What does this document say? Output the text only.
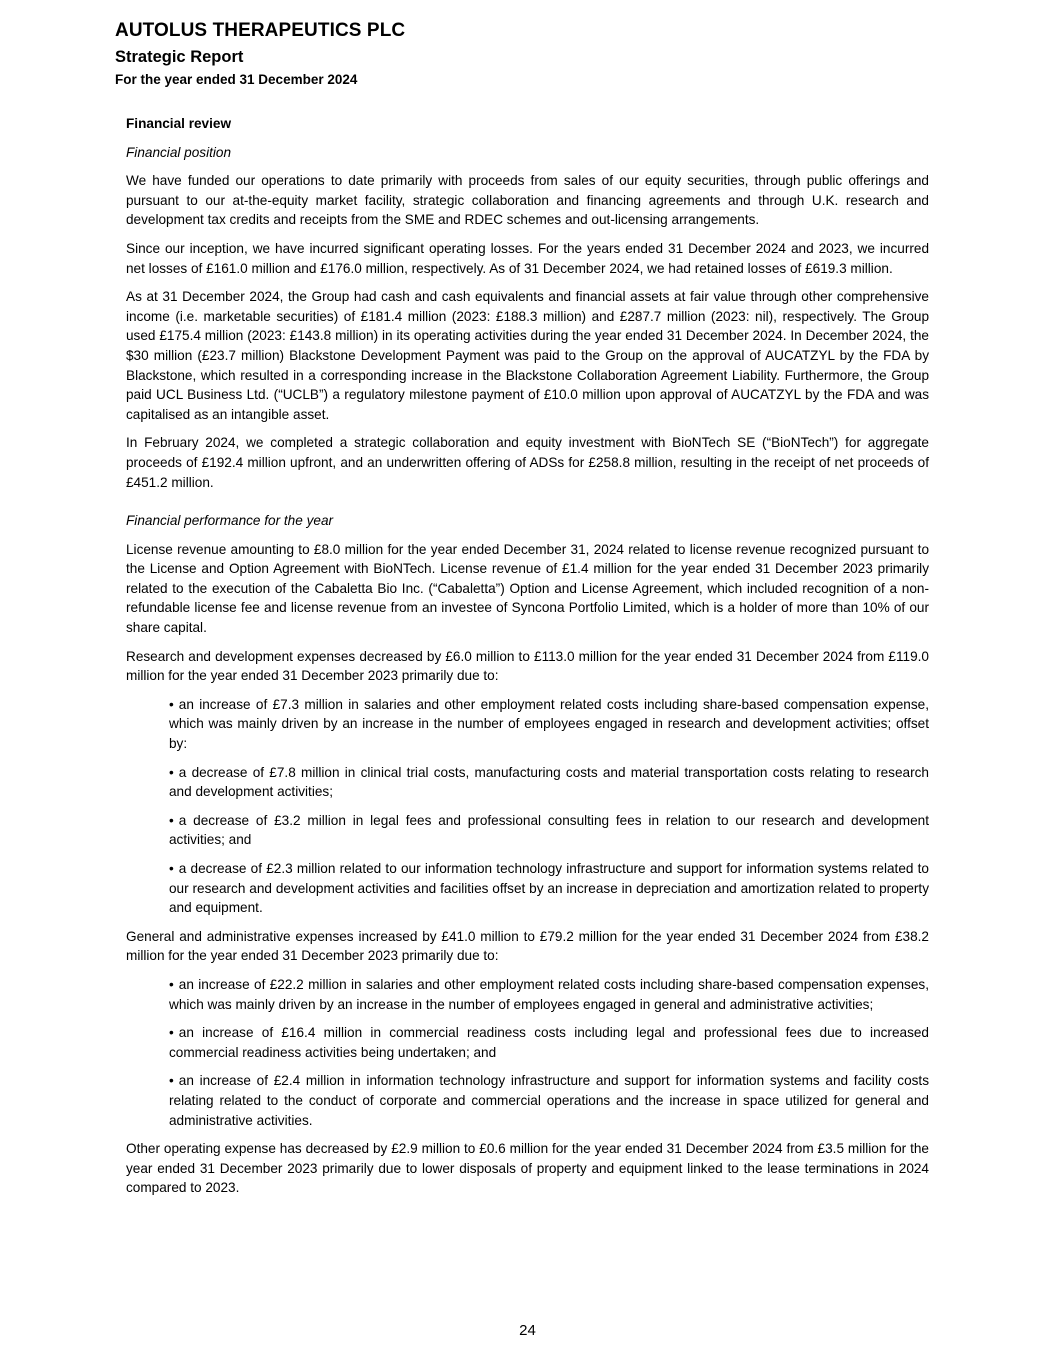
AUTOLUS THERAPEUTICS PLC
Strategic Report
For the year ended 31 December 2024
Financial review
Financial position

We have funded our operations to date primarily with proceeds from sales of our equity securities, through public offerings and pursuant to our at-the-equity market facility, strategic collaboration and financing agreements and through U.K. research and development tax credits and receipts from the SME and RDEC schemes and out-licensing arrangements.

Since our inception, we have incurred significant operating losses. For the years ended 31 December 2024 and 2023, we incurred net losses of £161.0 million and £176.0 million, respectively. As of 31 December 2024, we had retained losses of £619.3 million.

As at 31 December 2024, the Group had cash and cash equivalents and financial assets at fair value through other comprehensive income (i.e. marketable securities) of £181.4 million (2023: £188.3 million) and £287.7 million (2023: nil), respectively. The Group used £175.4 million (2023: £143.8 million) in its operating activities during the year ended 31 December 2024. In December 2024, the $30 million (£23.7 million) Blackstone Development Payment was paid to the Group on the approval of AUCATZYL by the FDA by Blackstone, which resulted in a corresponding increase in the Blackstone Collaboration Agreement Liability. Furthermore, the Group paid UCL Business Ltd. (“UCLB”) a regulatory milestone payment of £10.0 million upon approval of AUCATZYL by the FDA and was capitalised as an intangible asset.

In February 2024, we completed a strategic collaboration and equity investment with BioNTech SE (“BioNTech”) for aggregate proceeds of £192.4 million upfront, and an underwritten offering of ADSs for £258.8 million, resulting in the receipt of net proceeds of £451.2 million.

Financial performance for the year

License revenue amounting to £8.0 million for the year ended December 31, 2024 related to license revenue recognized pursuant to the License and Option Agreement with BioNTech. License revenue of £1.4 million for the year ended 31 December 2023 primarily related to the execution of the Cabaletta Bio Inc. (“Cabaletta”) Option and License Agreement, which included recognition of a non-refundable license fee and license revenue from an investee of Syncona Portfolio Limited, which is a holder of more than 10% of our share capital.

Research and development expenses decreased by £6.0 million to £113.0 million for the year ended 31 December 2024 from £119.0 million for the year ended 31 December 2023 primarily due to:

• an increase of £7.3 million in salaries and other employment related costs including share-based compensation expense, which was mainly driven by an increase in the number of employees engaged in research and development activities; offset by:
• a decrease of £7.8 million in clinical trial costs, manufacturing costs and material transportation costs relating to research and development activities;
• a decrease of £3.2 million in legal fees and professional consulting fees in relation to our research and development activities; and
• a decrease of £2.3 million related to our information technology infrastructure and support for information systems related to our research and development activities and facilities offset by an increase in depreciation and amortization related to property and equipment.

General and administrative expenses increased by £41.0 million to £79.2 million for the year ended 31 December 2024 from £38.2 million for the year ended 31 December 2023 primarily due to:

• an increase of £22.2 million in salaries and other employment related costs including share-based compensation expenses, which was mainly driven by an increase in the number of employees engaged in general and administrative activities;
• an increase of £16.4 million in commercial readiness costs including legal and professional fees due to increased commercial readiness activities being undertaken; and
• an increase of £2.4 million in information technology infrastructure and support for information systems and facility costs relating related to the conduct of corporate and commercial operations and the increase in space utilized for general and administrative activities.

Other operating expense has decreased by £2.9 million to £0.6 million for the year ended 31 December 2024 from £3.5 million for the year ended 31 December 2023 primarily due to lower disposals of property and equipment linked to the lease terminations in 2024 compared to 2023.

24
